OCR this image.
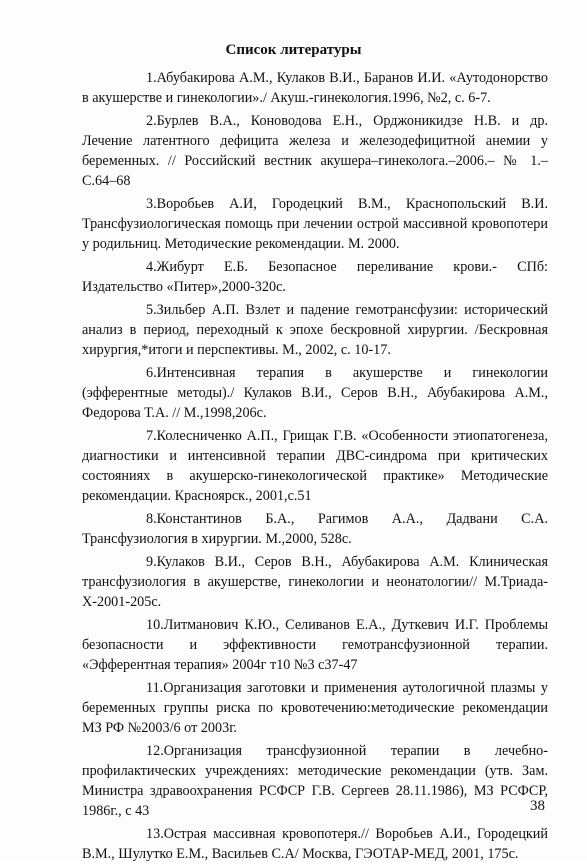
Список литературы

1.Абубакирова А.М., Кулаков В.И., Баранов И.И. «Аутодонорство в акушерстве и гинекологии»./ Акуш.-гинекология.1996, №2, с. 6-7.

2.Бурлев В.А., Коноводова Е.Н., Орджоникидзе Н.В. и др. Лечение латентного дефицита железа и железодефицитной анемии у беременных. // Российский вестник акушера–гинеколога.–2006.– № 1.– С.64–68

3.Воробьев А.И, Городецкий В.М., Краснопольский В.И. Трансфузиологическая помощь при лечении острой массивной кровопотери у родильниц. Методические рекомендации. М. 2000.

4.Жибурт Е.Б. Безопасное переливание крови.- СПб: Издательство «Питер»,2000-320с.

5.Зильбер А.П. Взлет и падение гемотрансфузии: исторический анализ в период, переходный к эпохе бескровной хирургии. /Бескровная хирургия,*итоги и перспективы. М., 2002, с. 10-17.

6.Интенсивная терапия в акушерстве и гинекологии (эфферентные методы)./ Кулаков В.И., Серов В.Н., Абубакирова А.М., Федорова Т.А. // М.,1998,206с.

7.Колесниченко А.П., Грищак Г.В. «Особенности этиопатогенеза, диагностики и интенсивной терапии ДВС-синдрома при критических состояниях в акушерско-гинекологической практике» Методические рекомендации. Красноярск., 2001,с.51

8.Константинов Б.А., Рагимов А.А., Дадвани С.А. Трансфузиология в хирургии. М.,2000, 528с.

9.Кулаков В.И., Серов В.Н., Абубакирова А.М. Клиническая трансфузиология в акушерстве, гинекологии и неонатологии// М.Триада-Х-2001-205с.

10.Литманович К.Ю., Селиванов Е.А., Дуткевич И.Г. Проблемы безопасности и эффективности гемотрансфузионной терапии. «Эфферентная терапия» 2004г т10 №3 с37-47

11.Организация заготовки и применения аутологичной плазмы у беременных группы риска по кровотечению:методические рекомендации МЗ РФ №2003/6 от 2003г.

12.Организация трансфузионной терапии в лечебно-профилактических учреждениях: методические рекомендации (утв. Зам. Министра здравоохранения РСФСР Г.В. Сергеев 28.11.1986), МЗ РСФСР, 1986г., с 43

13.Острая массивная кровопотеря.// Воробьев А.И., Городецкий В.М., Шулутко Е.М., Васильев С.А/ Москва, ГЭОТАР-МЕД, 2001, 175с.

38
